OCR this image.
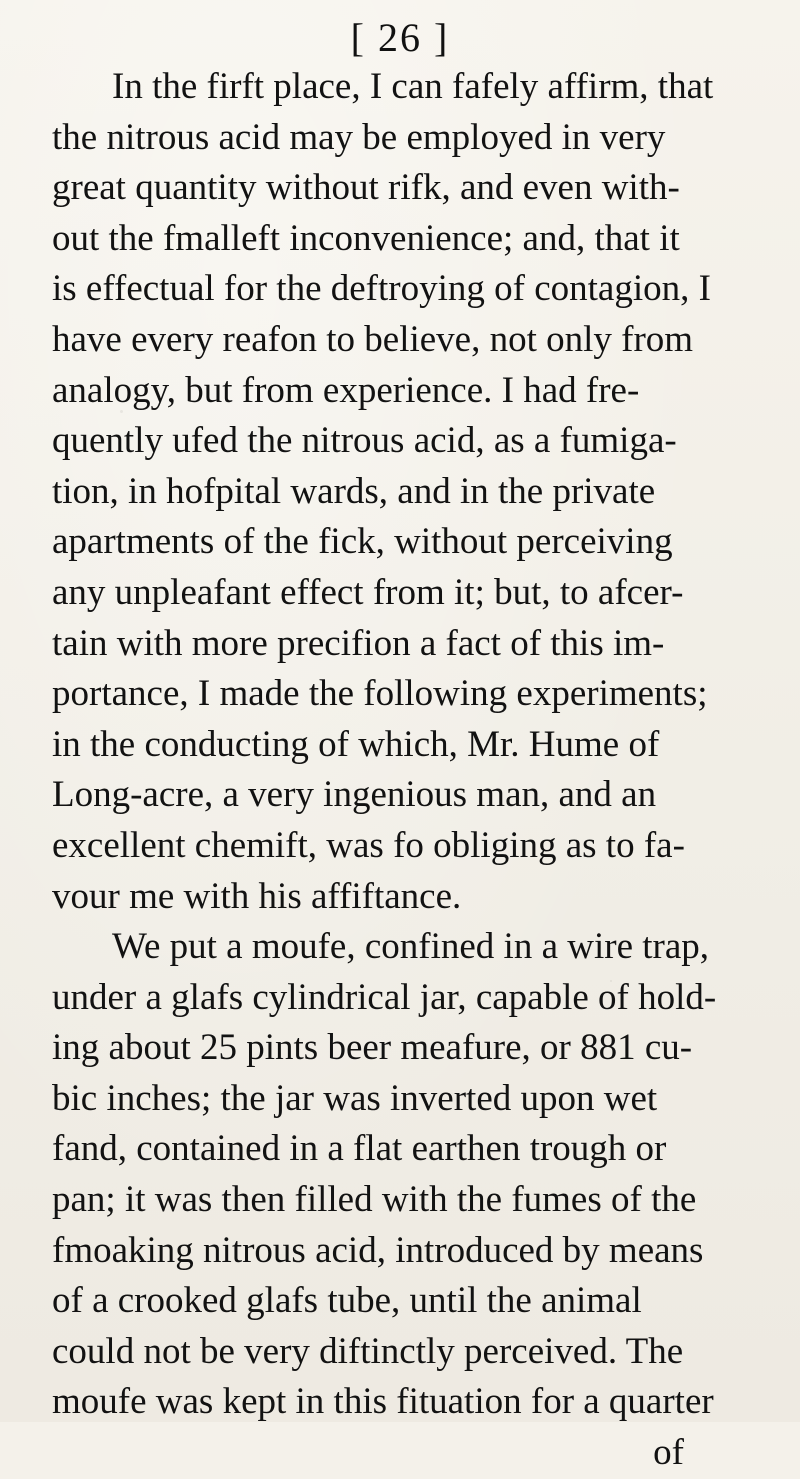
[ 26 ]
In the firft place, I can fafely affirm, that
the nitrous acid may be employed in very
great quantity without rifk, and even with-
out the fmalleft inconvenience; and, that it
is effectual for the deftroying of contagion, I
have every reafon to believe, not only from
analogy, but from experience. I had fre-
quently ufed the nitrous acid, as a fumiga-
tion, in hofpital wards, and in the private
apartments of the fick, without perceiving
any unpleafant effect from it; but, to afcer-
tain with more precifion a fact of this im-
portance, I made the following experiments;
in the conducting of which, Mr. Hume of
Long-acre, a very ingenious man, and an
excellent chemift, was fo obliging as to fa-
vour me with his affiftance.
We put a moufe, confined in a wire trap,
under a glafs cylindrical jar, capable of hold-
ing about 25 pints beer meafure, or 881 cu-
bic inches; the jar was inverted upon wet
fand, contained in a flat earthen trough or
pan; it was then filled with the fumes of the
fmoaking nitrous acid, introduced by means
of a crooked glafs tube, until the animal
could not be very diftinctly perceived. The
moufe was kept in this fituation for a quarter
of
